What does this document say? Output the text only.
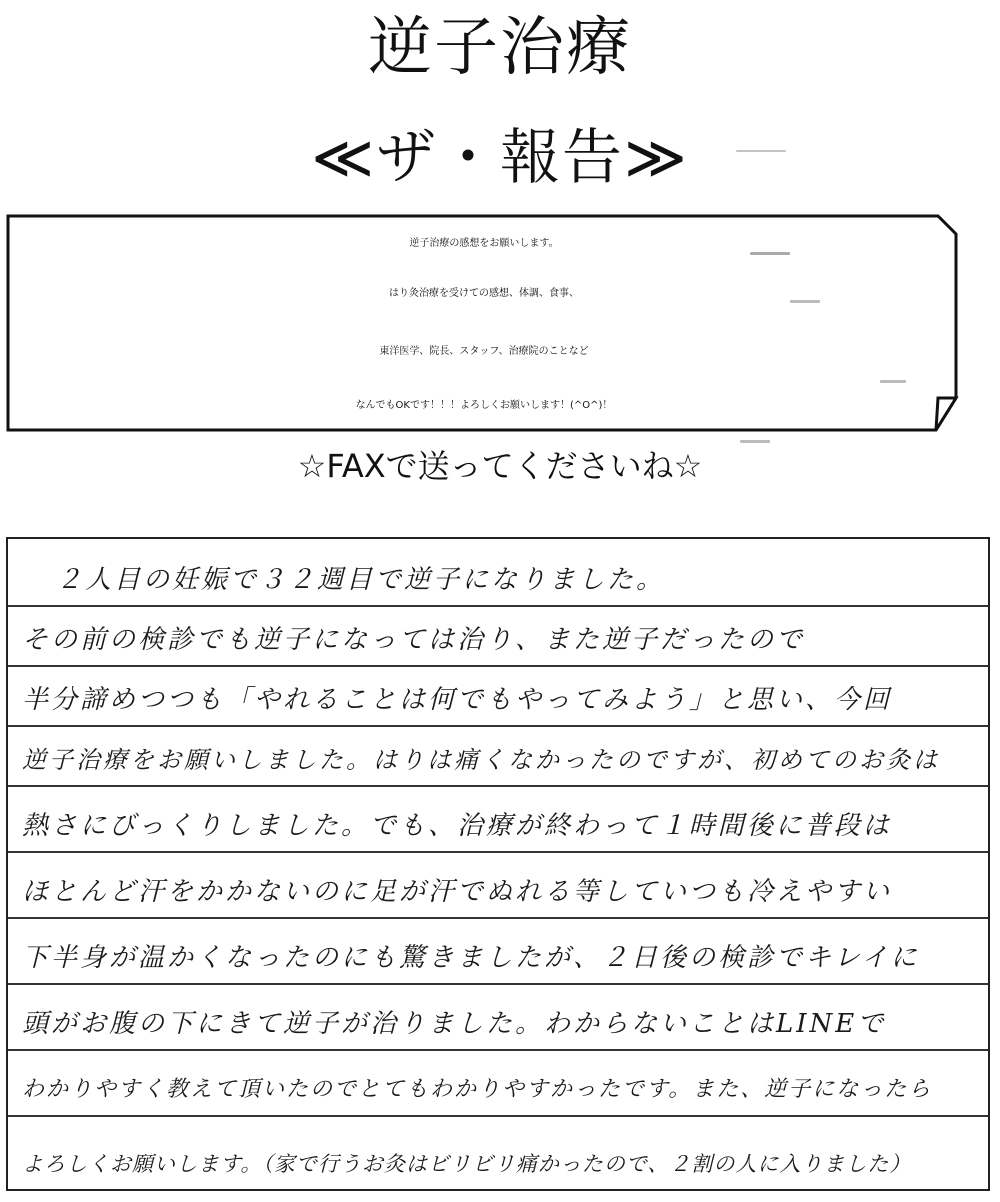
逆子治療
≪ザ・報告≫
逆子治療の感想をお願いします。
はり灸治療を受けての感想、体調、食事、
東洋医学、院長、スタッフ、治療院のことなど
なんでもOKです！！！よろしくお願いします！(^O^)！
☆FAXで送ってくださいね☆
２人目の妊娠で３２週目で逆子になりました。
その前の検診でも逆子になっては治り、また逆子だったので
半分諦めつつも「やれることは何でもやってみよう」と思い、今回
逆子治療をお願いしました。はりは痛くなかったのですが、初めてのお灸は
熱さにびっくりしました。でも、治療が終わって１時間後に普段は
ほとんど汗をかかないのに足が汗でぬれる等していつも冷えやすい
下半身が温かくなったのにも驚きましたが、２日後の検診でキレイに
頭がお腹の下にきて逆子が治りました。わからないことはLINEで
わかりやすく教えて頂いたのでとてもわかりやすかったです。また、逆子になったら
よろしくお願いします。（家で行うお灸はビリビリ痛かったので、２割の人に入りました）
